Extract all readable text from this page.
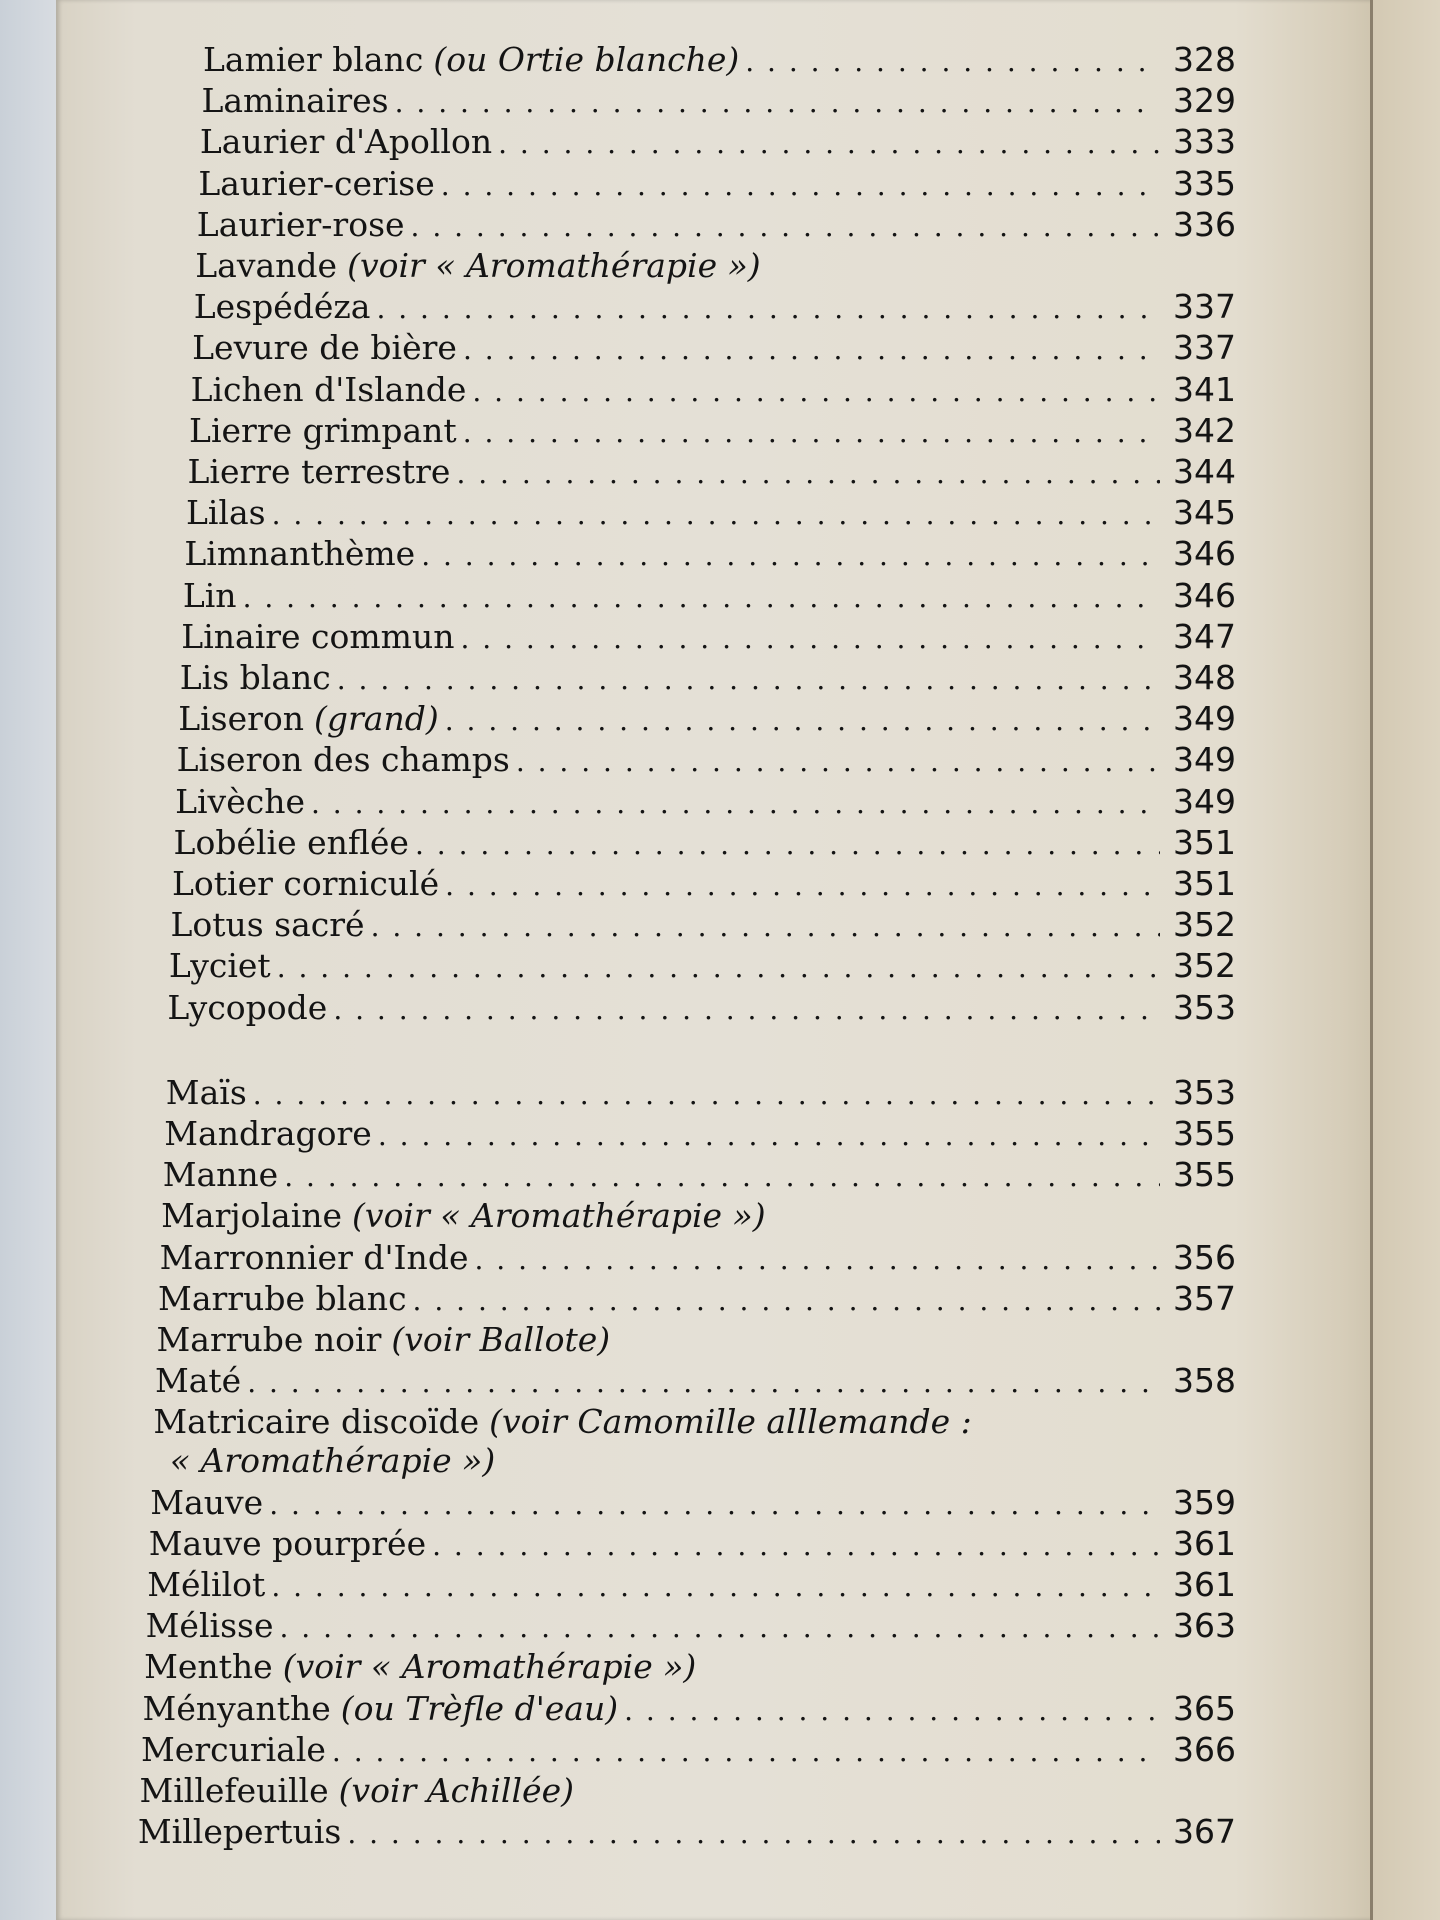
Lamier blanc (ou Ortie blanche) . . .	328
Laminaires . . .	329
Laurier d'Apollon . . .	333
Laurier-cerise . . .	335
Laurier-rose . . .	336
Lavande (voir « Aromathérapie »)
Lespédéza . . .	337
Levure de bière . . .	337
Lichen d'Islande . . .	341
Lierre grimpant . . .	342
Lierre terrestre . . .	344
Lilas . . .	345
Limnanthème . . .	346
Lin . . .	346
Linaire commun . . .	347
Lis blanc . . .	348
Liseron (grand) . . .	349
Liseron des champs . . .	349
Livèche . . .	349
Lobélie enflée . . .	351
Lotier corniculé . . .	351
Lotus sacré . . .	352
Lyciet . . .	352
Lycopode . . .	353
Maïs . . .	353
Mandragore . . .	355
Manne . . .	355
Marjolaine (voir « Aromathérapie »)
Marronnier d'Inde . . .	356
Marrube blanc . . .	357
Marrube noir (voir Ballote)
Maté . . .	358
Matricaire discoïde (voir Camomille alllemande :
« Aromathérapie »)
Mauve . . .	359
Mauve pourprée . . .	361
Mélilot . . .	361
Mélisse . . .	363
Menthe (voir « Aromathérapie »)
Ményanthe (ou Trèfle d'eau) . . .	365
Mercuriale . . .	366
Millefeuille (voir Achillée)
Millepertuis . . .	367
